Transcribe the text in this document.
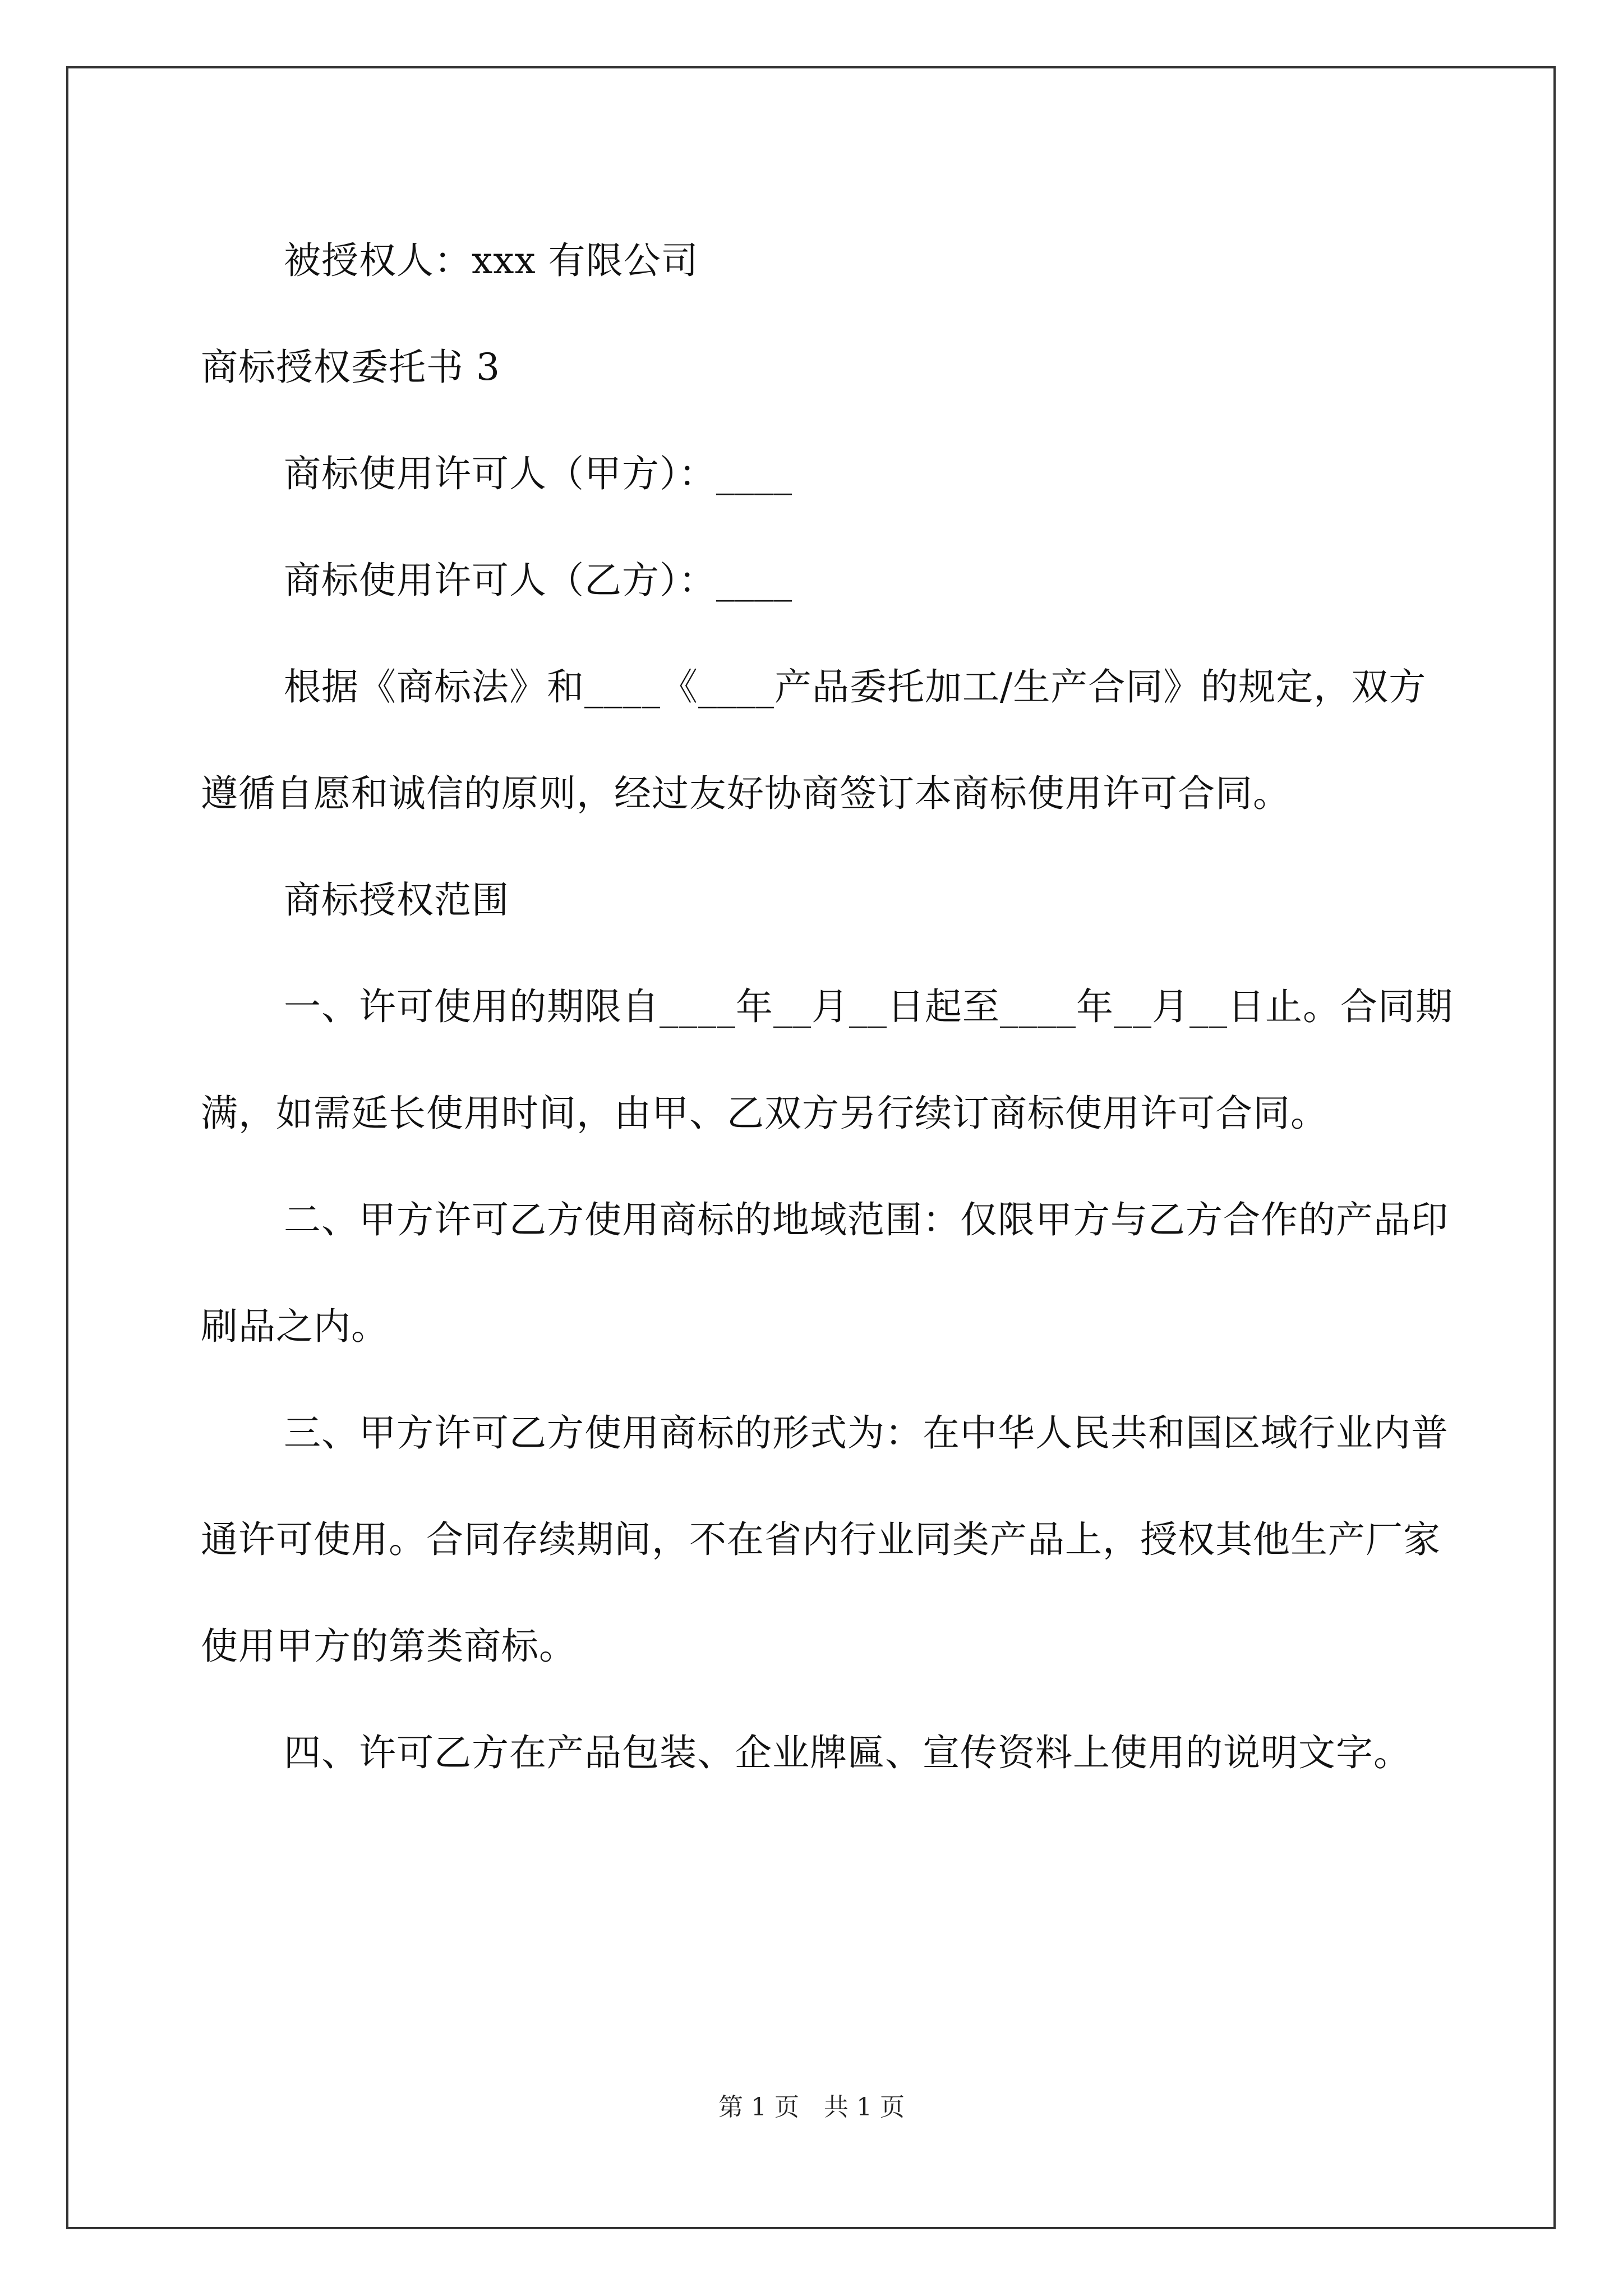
被授权人：xxx 有限公司
商标授权委托书 3
商标使用许可人（甲方）：____
商标使用许可人（乙方）：____

根据《商标法》和____《____产品委托加工/生产合同》的规定，双方遵循自愿和诚信的原则，经过友好协商签订本商标使用许可合同。

商标授权范围

一、许可使用的期限自____年__月__日起至____年__月__日止。合同期满，如需延长使用时间，由甲、乙双方另行续订商标使用许可合同。

二、甲方许可乙方使用商标的地域范围：仅限甲方与乙方合作的产品印刷品之内。

三、甲方许可乙方使用商标的形式为：在中华人民共和国区域行业内普通许可使用。合同存续期间，不在省内行业同类产品上，授权其他生产厂家使用甲方的第类商标。

四、许可乙方在产品包装、企业牌匾、宣传资料上使用的说明文字。

第 1 页　共 1 页
